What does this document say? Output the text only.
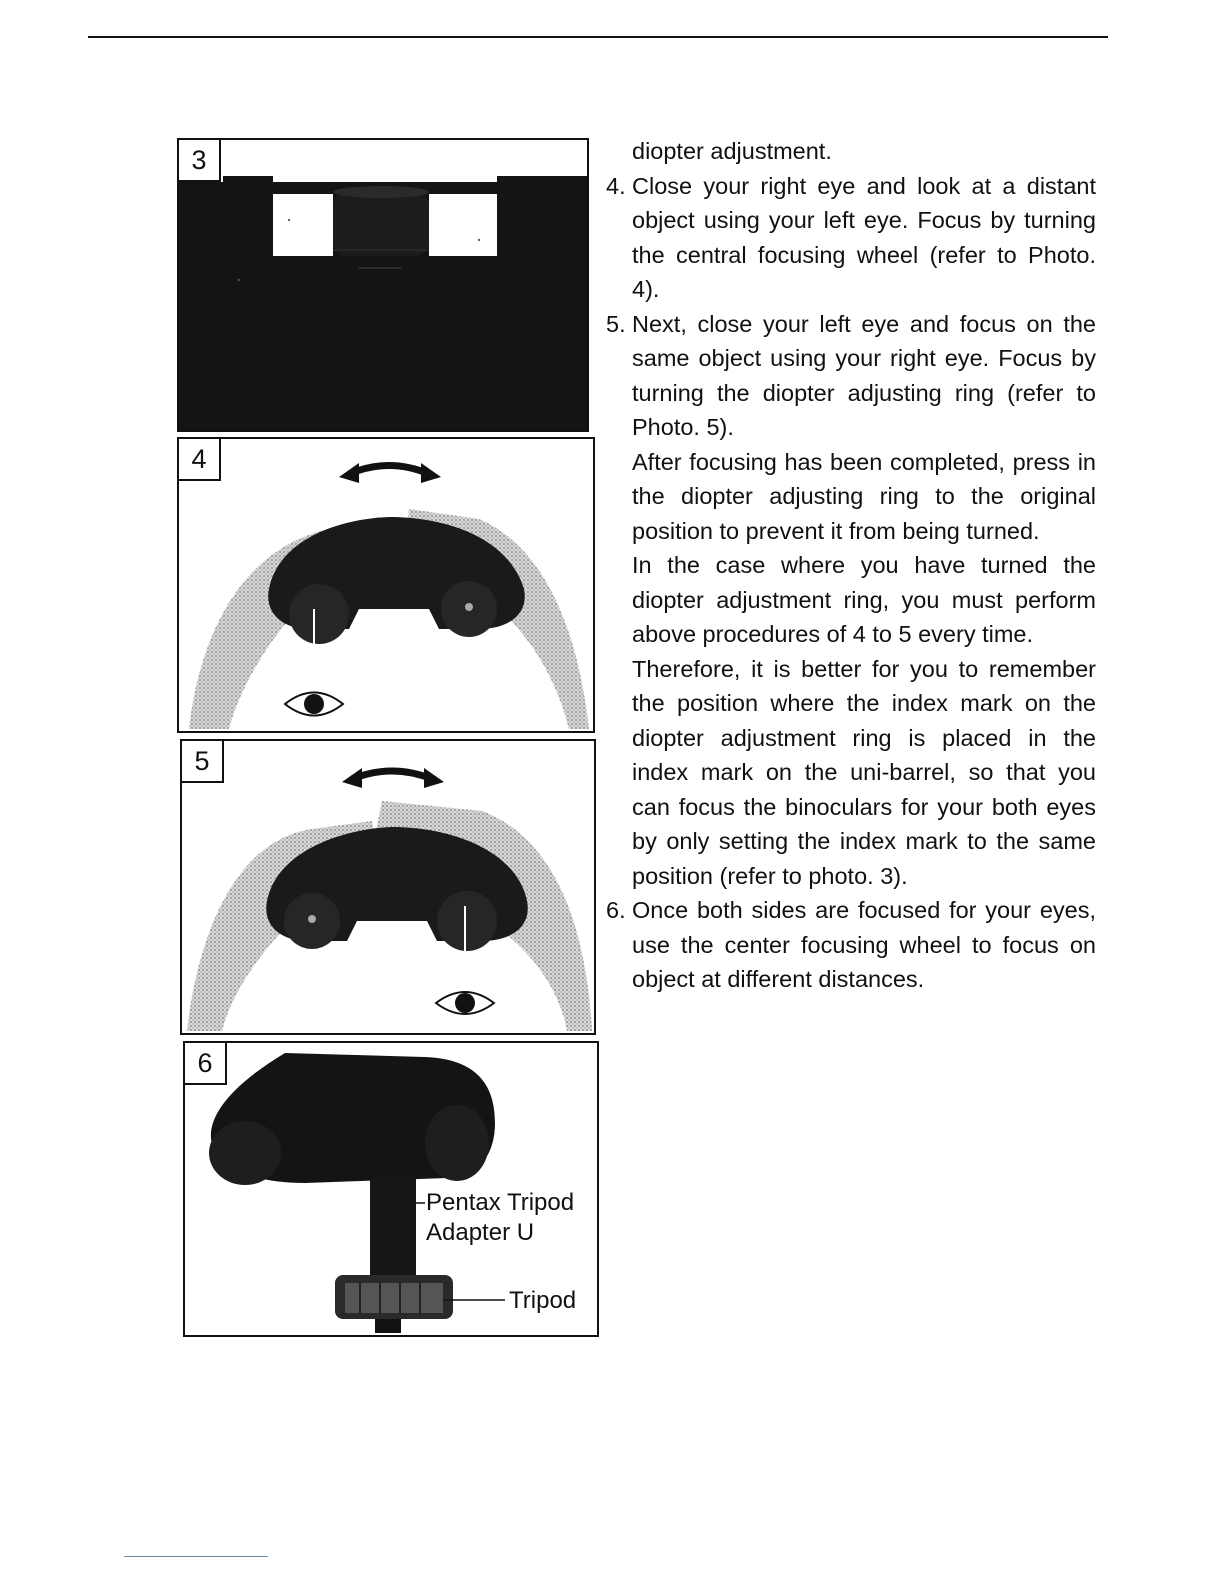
3
4
5
6
Pentax Tripod
Adapter U
Tripod

diopter adjustment.

4. Close your right eye and look at a distant object using your left eye. Focus by turning the central focusing wheel (refer to Photo. 4).

5. Next, close your left eye and focus on the same object using your right eye. Focus by turning the diopter adjusting ring (refer to Photo. 5).

After focusing has been completed, press in the diopter adjusting ring to the original position to prevent it from being turned.

In the case where you have turned the diopter adjustment ring, you must perform above procedures of 4 to 5 every time.

Therefore, it is better for you to remember the position where the index mark on the diopter adjustment ring is placed in the index mark on the uni-barrel, so that you can focus the binoculars for your both eyes by only setting the index mark to the same position (refer to photo. 3).

6. Once both sides are focused for your eyes, use the center focusing wheel to focus on object at different distances.
